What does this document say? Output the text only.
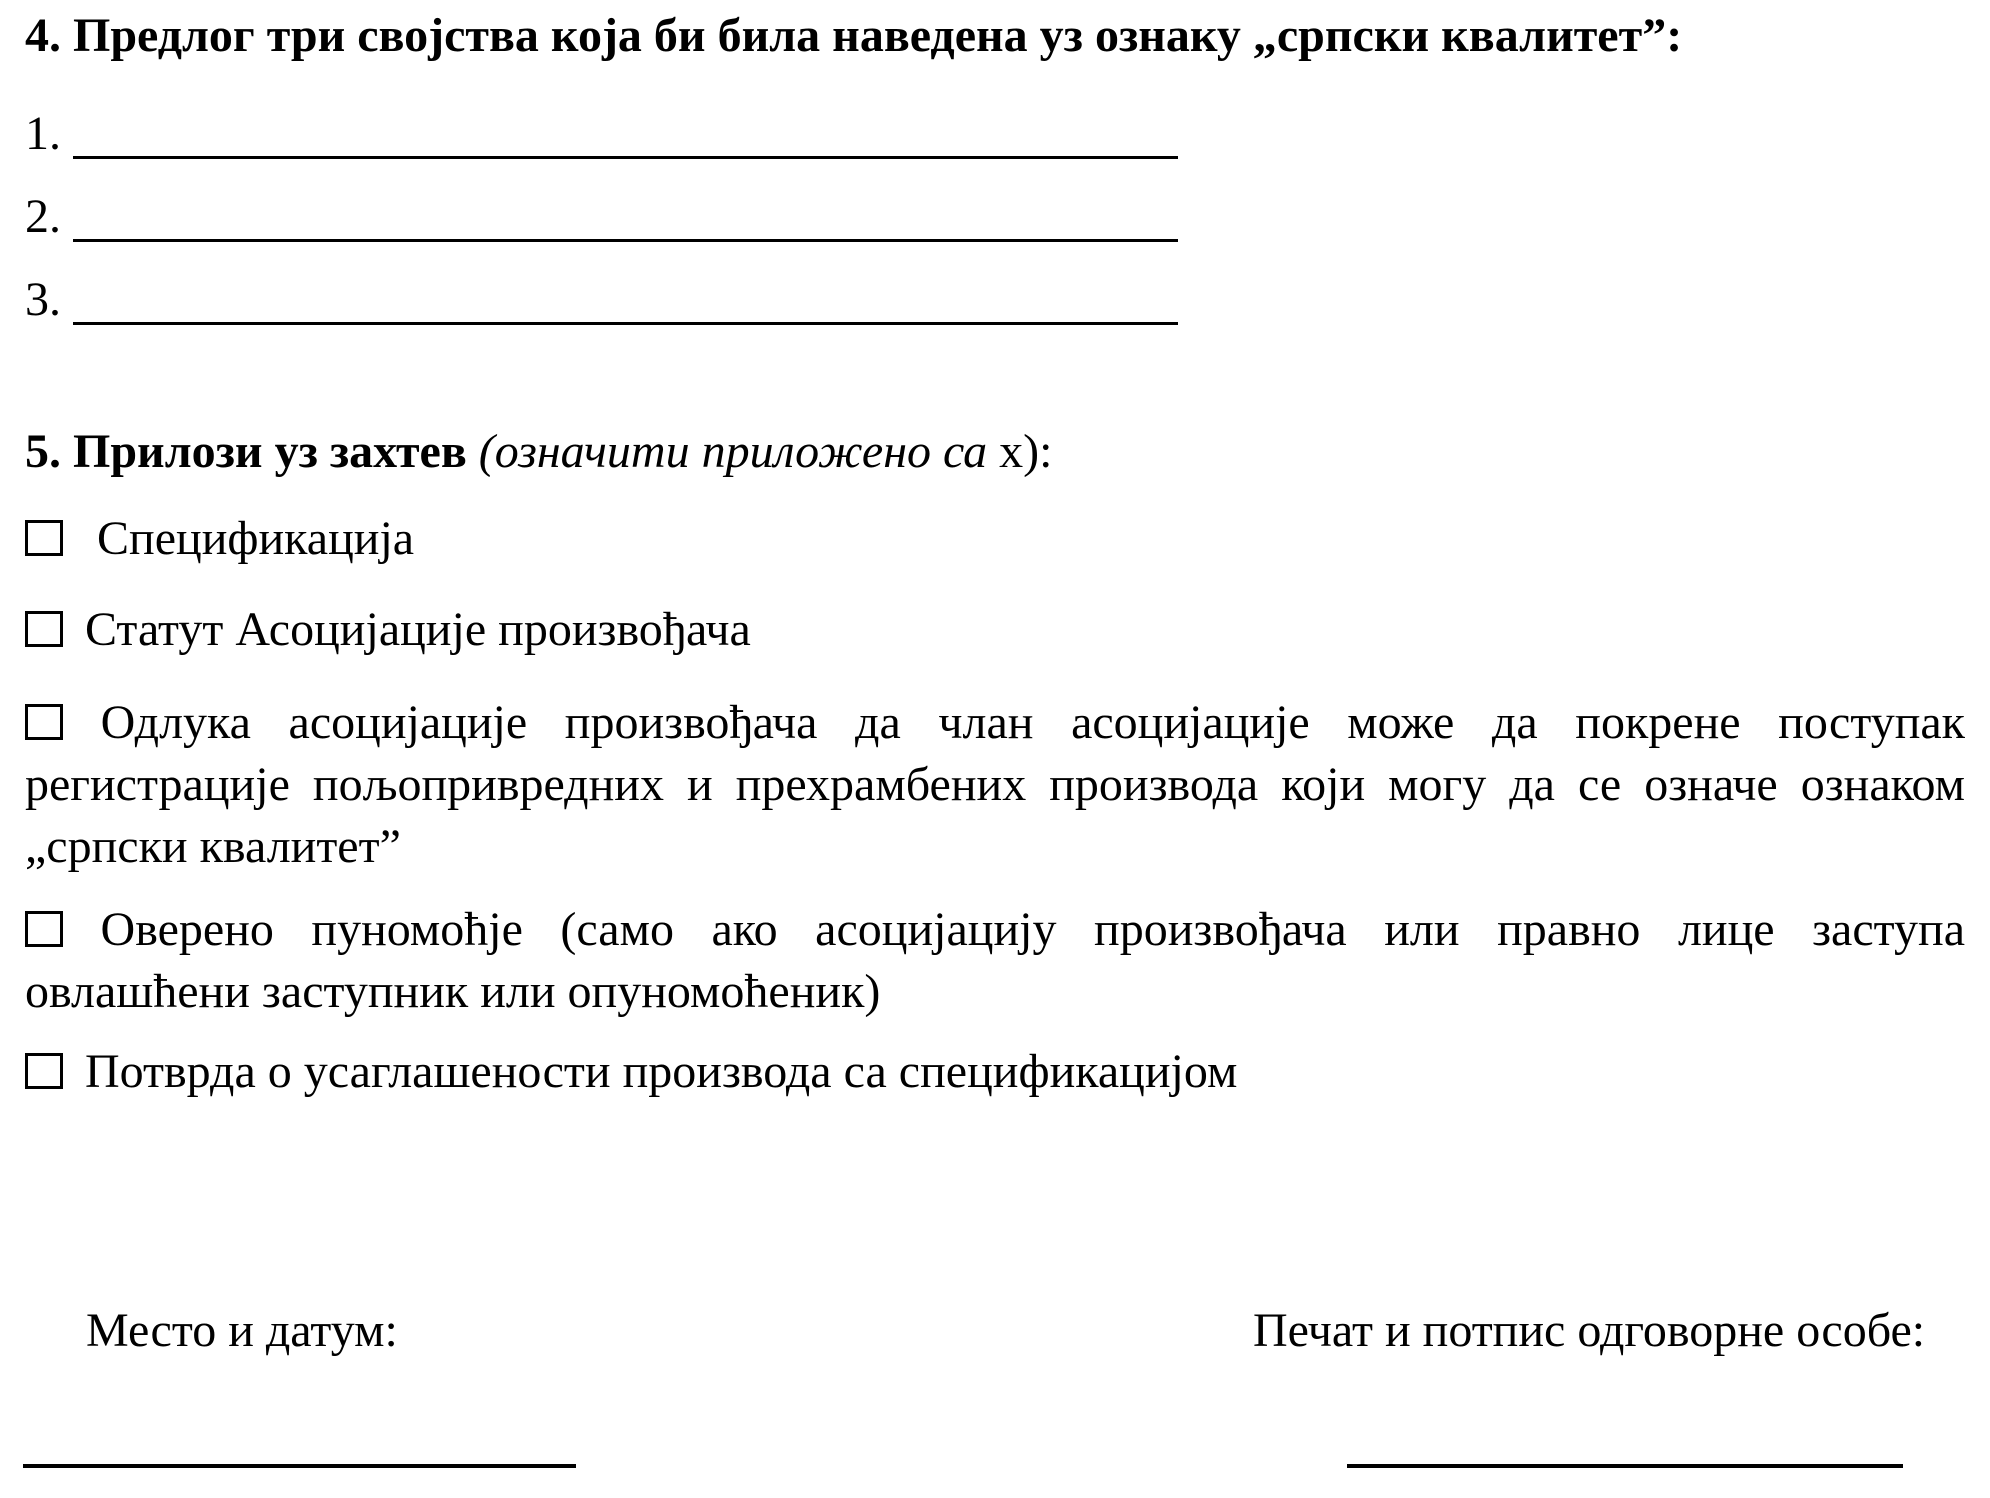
4. Предлог три својства која би била наведена уз ознаку „српски квалитет”:
1.
2.
3.
5. Прилози уз захтев (означити приложено са х):
Спецификација
Статут Асоцијације произвођача
Одлука асоцијације произвођача да члан асоцијације може да покрене поступак
регистрације пољопривредних и прехрамбених производа који могу да се означе ознаком
„српски квалитет”
Оверено пуномоћје (само ако асоцијацију произвођача или правно лице заступа
овлашћени заступник или опуномоћеник)
Потврда о усаглашености производа са спецификацијом
Место и датум:	Печат и потпис одговорне особе:
